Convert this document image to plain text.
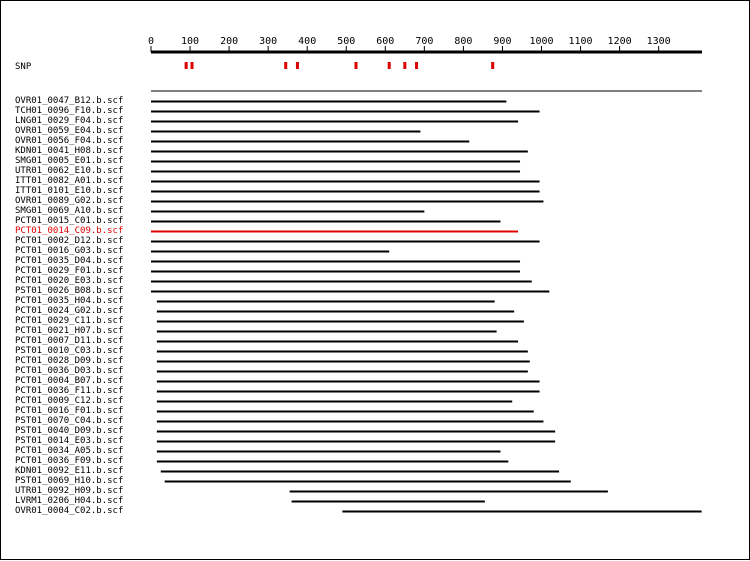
0	100 200 300 400 500 600 700 800 900 1000 1100 1200 1300
SNP
OVR01_0047_B12.b.scf
TCH01_0096_F10.b.scf
LNG01_0029_F04.b.scf
OVR01_0059_E04.b.scf
OVR01_0056_F04.b.scf
KDN01_0041_H08.b.scf
SMG01_0005_E01.b.scf
UTR01_0062_E10.b.scf
ITT01_0082_A01.b.scf
ITT01_0101_E10.b.scf
OVR01_0089_G02.b.scf
SMG01_0069_A10.b.scf
PCT01_0015_C01.b.scf
PCT01_0014_C09.b.scf
PCT01_0002_D12.b.scf
PCT01_0016_G03.b.scf
PCT01_0035_D04.b.scf
PCT01_0029_F01.b.scf
PCT01_0020_E03.b.scf
PST01_0026_B08.b.scf
PCT01_0035_H04.b.scf
PCT01_0024_G02.b.scf
PCT01_0029_C11.b.scf
PCT01_0021_H07.b.scf
PCT01_0007_D11.b.scf
PST01_0010_C03.b.scf
PCT01_0028_D09.b.scf
PCT01_0036_D03.b.scf
PCT01_0004_B07.b.scf
PCT01_0036_F11.b.scf
PCT01_0009_C12.b.scf
PCT01_0016_F01.b.scf
PST01_0070_C04.b.scf
PST01_0040_D09.b.scf
PST01_0014_E03.b.scf
PCT01_0034_A05.b.scf
PCT01_0036_F09.b.scf
KDN01_0092_E11.b.scf
PST01_0069_H10.b.scf
UTR01_0092_H09.b.scf
LVRM1_0206_H04.b.scf
OVR01_0004_C02.b.scf
